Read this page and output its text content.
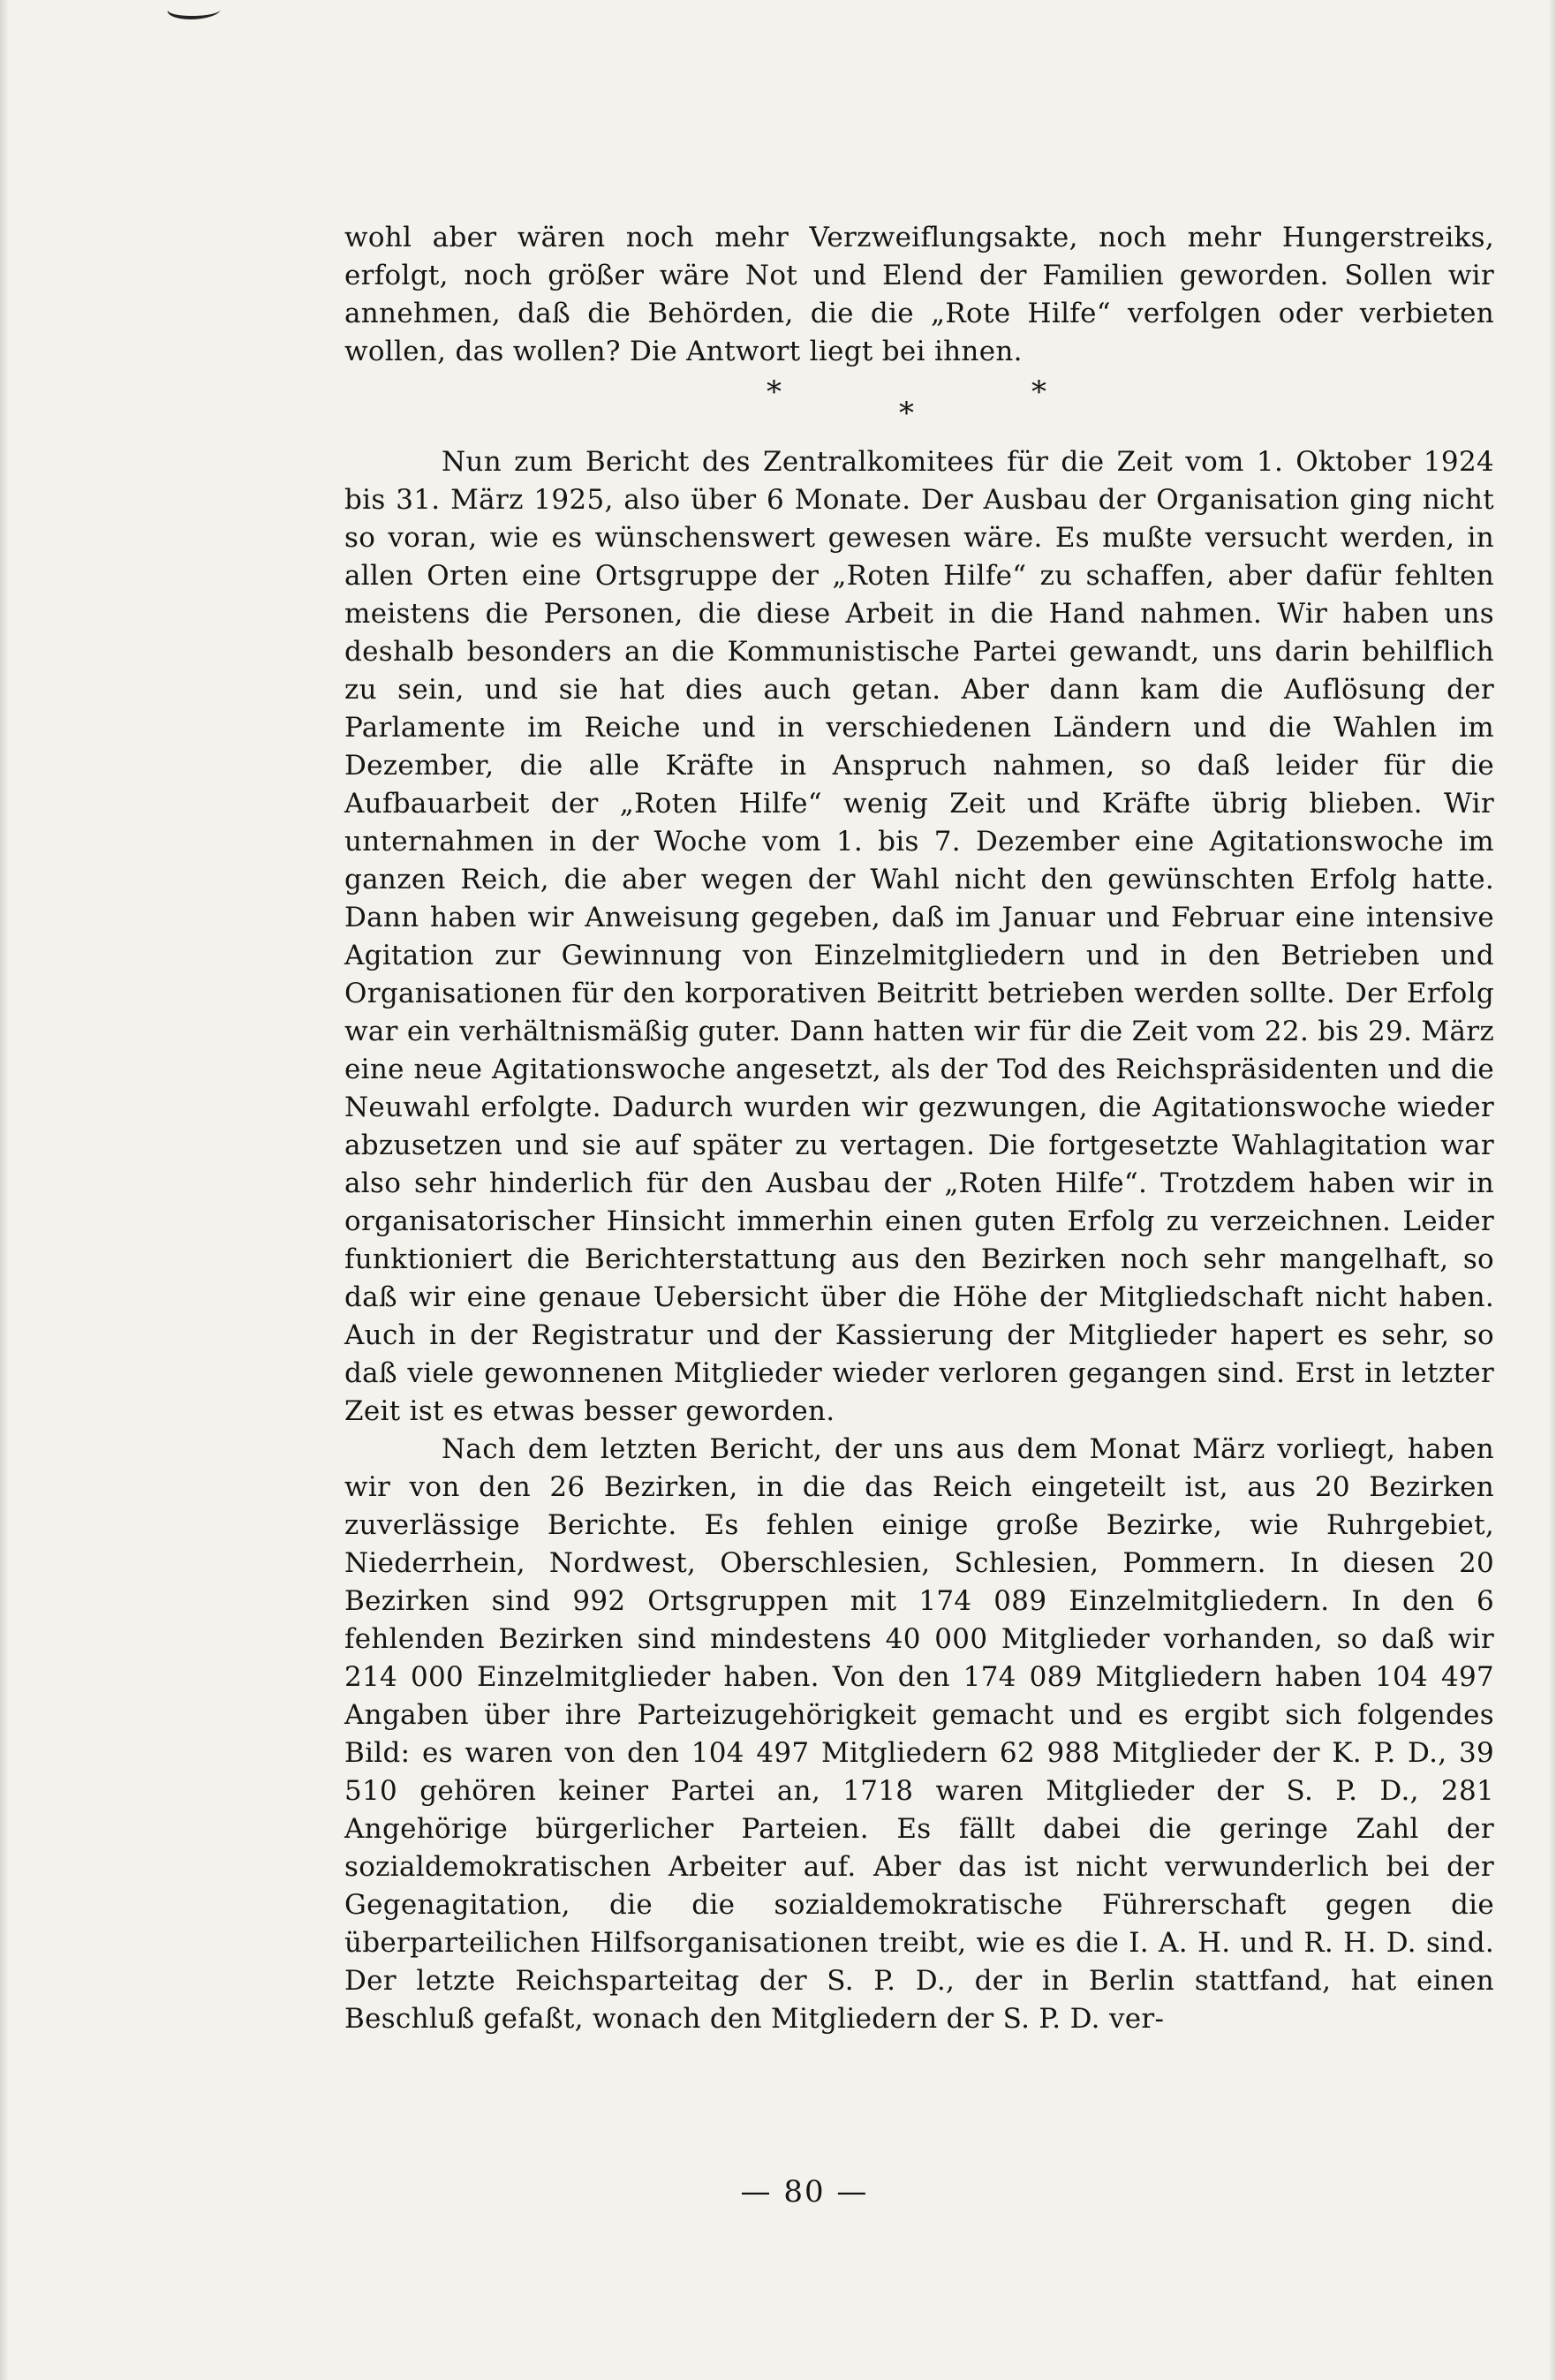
wohl aber wären noch mehr Verzweiflungsakte, noch mehr Hungerstreiks, erfolgt, noch größer wäre Not und Elend der Familien geworden. Sollen wir annehmen, daß die Behörden, die die „Rote Hilfe“ verfolgen oder verbieten wollen, das wollen? Die Antwort liegt bei ihnen.

*
*
*

Nun zum Bericht des Zentralkomitees für die Zeit vom 1. Oktober 1924 bis 31. März 1925, also über 6 Monate. Der Ausbau der Organisation ging nicht so voran, wie es wünschenswert gewesen wäre. Es mußte versucht werden, in allen Orten eine Ortsgruppe der „Roten Hilfe“ zu schaffen, aber dafür fehlten meistens die Personen, die diese Arbeit in die Hand nahmen. Wir haben uns deshalb besonders an die Kommunistische Partei gewandt, uns darin behilflich zu sein, und sie hat dies auch getan. Aber dann kam die Auflösung der Parlamente im Reiche und in verschiedenen Ländern und die Wahlen im Dezember, die alle Kräfte in Anspruch nahmen, so daß leider für die Aufbauarbeit der „Roten Hilfe“ wenig Zeit und Kräfte übrig blieben. Wir unternahmen in der Woche vom 1. bis 7. Dezember eine Agitationswoche im ganzen Reich, die aber wegen der Wahl nicht den gewünschten Erfolg hatte. Dann haben wir Anweisung gegeben, daß im Januar und Februar eine intensive Agitation zur Gewinnung von Einzelmitgliedern und in den Betrieben und Organisationen für den korporativen Beitritt betrieben werden sollte. Der Erfolg war ein verhältnismäßig guter. Dann hatten wir für die Zeit vom 22. bis 29. März eine neue Agitationswoche angesetzt, als der Tod des Reichspräsidenten und die Neuwahl erfolgte. Dadurch wurden wir gezwungen, die Agitationswoche wieder abzusetzen und sie auf später zu vertagen. Die fortgesetzte Wahlagitation war also sehr hinderlich für den Ausbau der „Roten Hilfe“. Trotzdem haben wir in organisatorischer Hinsicht immerhin einen guten Erfolg zu verzeichnen. Leider funktioniert die Berichterstattung aus den Bezirken noch sehr mangelhaft, so daß wir eine genaue Uebersicht über die Höhe der Mitgliedschaft nicht haben. Auch in der Registratur und der Kassierung der Mitglieder hapert es sehr, so daß viele gewonnenen Mitglieder wieder verloren gegangen sind. Erst in letzter Zeit ist es etwas besser geworden.

Nach dem letzten Bericht, der uns aus dem Monat März vorliegt, haben wir von den 26 Bezirken, in die das Reich eingeteilt ist, aus 20 Bezirken zuverlässige Berichte. Es fehlen einige große Bezirke, wie Ruhrgebiet, Niederrhein, Nordwest, Oberschlesien, Schlesien, Pommern. In diesen 20 Bezirken sind 992 Ortsgruppen mit 174 089 Einzelmitgliedern. In den 6 fehlenden Bezirken sind mindestens 40 000 Mitglieder vorhanden, so daß wir 214 000 Einzelmitglieder haben. Von den 174 089 Mitgliedern haben 104 497 Angaben über ihre Parteizugehörigkeit gemacht und es ergibt sich folgendes Bild: es waren von den 104 497 Mitgliedern 62 988 Mitglieder der K. P. D., 39 510 gehören keiner Partei an, 1718 waren Mitglieder der S. P. D., 281 Angehörige bürgerlicher Parteien. Es fällt dabei die geringe Zahl der sozialdemokratischen Arbeiter auf. Aber das ist nicht verwunderlich bei der Gegenagitation, die die sozialdemokratische Führerschaft gegen die überparteilichen Hilfsorganisationen treibt, wie es die I. A. H. und R. H. D. sind. Der letzte Reichsparteitag der S. P. D., der in Berlin stattfand, hat einen Beschluß gefaßt, wonach den Mitgliedern der S. P. D. ver-

— 80 —
